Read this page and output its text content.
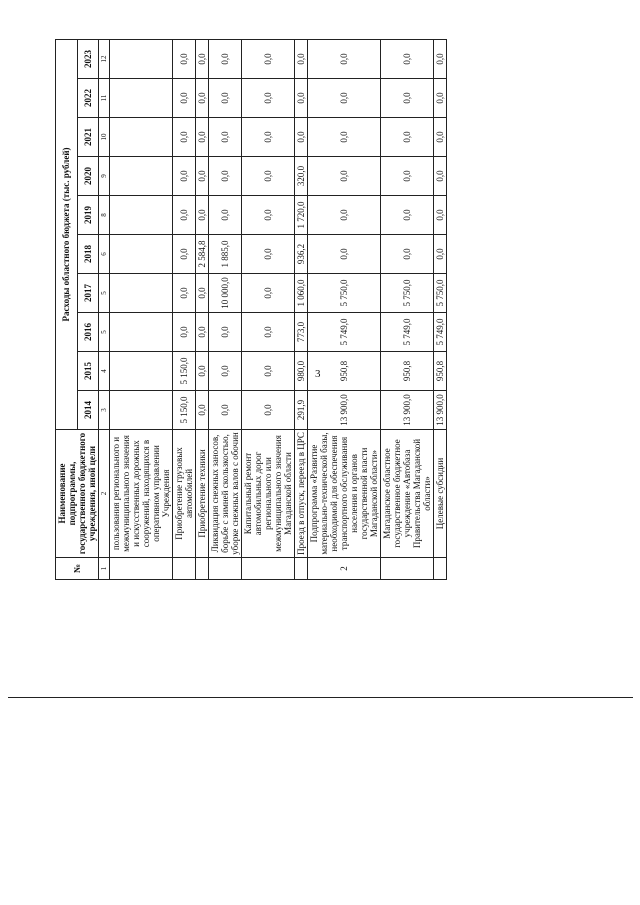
3
№	Наименование подпрограммы, государственного бюджетного учреждения, иной цели	Расходы областного бюджета (тыс. рублей)									
		2014	2015	2016	2017	2018	2019	2020	2021	2022	2023
1	2	3	4	5	5	6	8	9	10	11	12
	пользования регионального и межмуниципального значения и искусственных дорожных сооружений, находящихся в оперативном управлении Учреждения										
	Приобретение грузовых автомобилей	5 150,0	5 150,0	0,0	0,0	0,0	0,0	0,0	0,0	0,0	0,0
	Приобретение техники	0,0	0,0	0,0	0,0	2 584,8	0,0	0,0	0,0	0,0	0,0
	Ликвидация снежных заносов, борьбе с зимней скользкостью, уборке снежных валов с обочин	0,0	0,0	0,0	10 000,0	1 885,0	0,0	0,0	0,0	0,0	0,0
	Капитальный ремонт автомобильных дорог регионального или межмуниципального значения Магаданской области	0,0	0,0	0,0	0,0	0,0	0,0	0,0	0,0	0,0	0,0
	Проезд в отпуск, переезд в ЦРС	291,9	980,0	773,0	1 060,0	936,2	1 720,0	320,0	0,0	0,0	0,0
2	Подпрограмма «Развитие материально-технической базы, необходимой для обеспечения транспортного обслуживания населения и органов государственной власти Магаданской области»	13 900,0	950,8	5 749,0	5 750,0	0,0	0,0	0,0	0,0	0,0	0,0
	Магаданское областное государственное бюджетное учреждение «Автобаза Правительства Магаданской области»	13 900,0	950,8	5 749,0	5 750,0	0,0	0,0	0,0	0,0	0,0	0,0
	Целевые субсидии	13 900,0	950,8	5 749,0	5 750,0	0,0	0,0	0,0	0,0	0,0	0,0
